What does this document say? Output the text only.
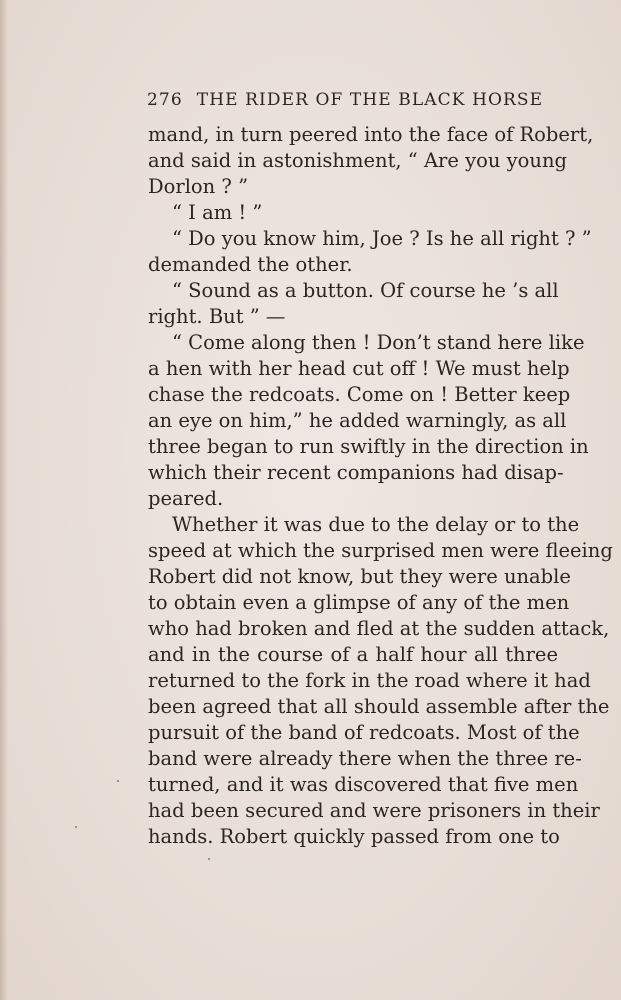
276 THE RIDER OF THE BLACK HORSE
mand, in turn peered into the face of Robert,
and said in astonishment, “ Are you young
Dorlon ? ”
“ I am ! ”
“ Do you know him, Joe ? Is he all right ? ”
demanded the other.
“ Sound as a button. Of course he ’s all
right. But ” —
“ Come along then ! Don’t stand here like
a hen with her head cut off ! We must help
chase the redcoats. Come on ! Better keep
an eye on him,” he added warningly, as all
three began to run swiftly in the direction in
which their recent companions had disap-
peared.
Whether it was due to the delay or to the
speed at which the surprised men were fleeing
Robert did not know, but they were unable
to obtain even a glimpse of any of the men
who had broken and fled at the sudden attack,
and in the course of a half hour all three
returned to the fork in the road where it had
been agreed that all should assemble after the
pursuit of the band of redcoats. Most of the
band were already there when the three re-
turned, and it was discovered that five men
had been secured and were prisoners in their
hands. Robert quickly passed from one to
